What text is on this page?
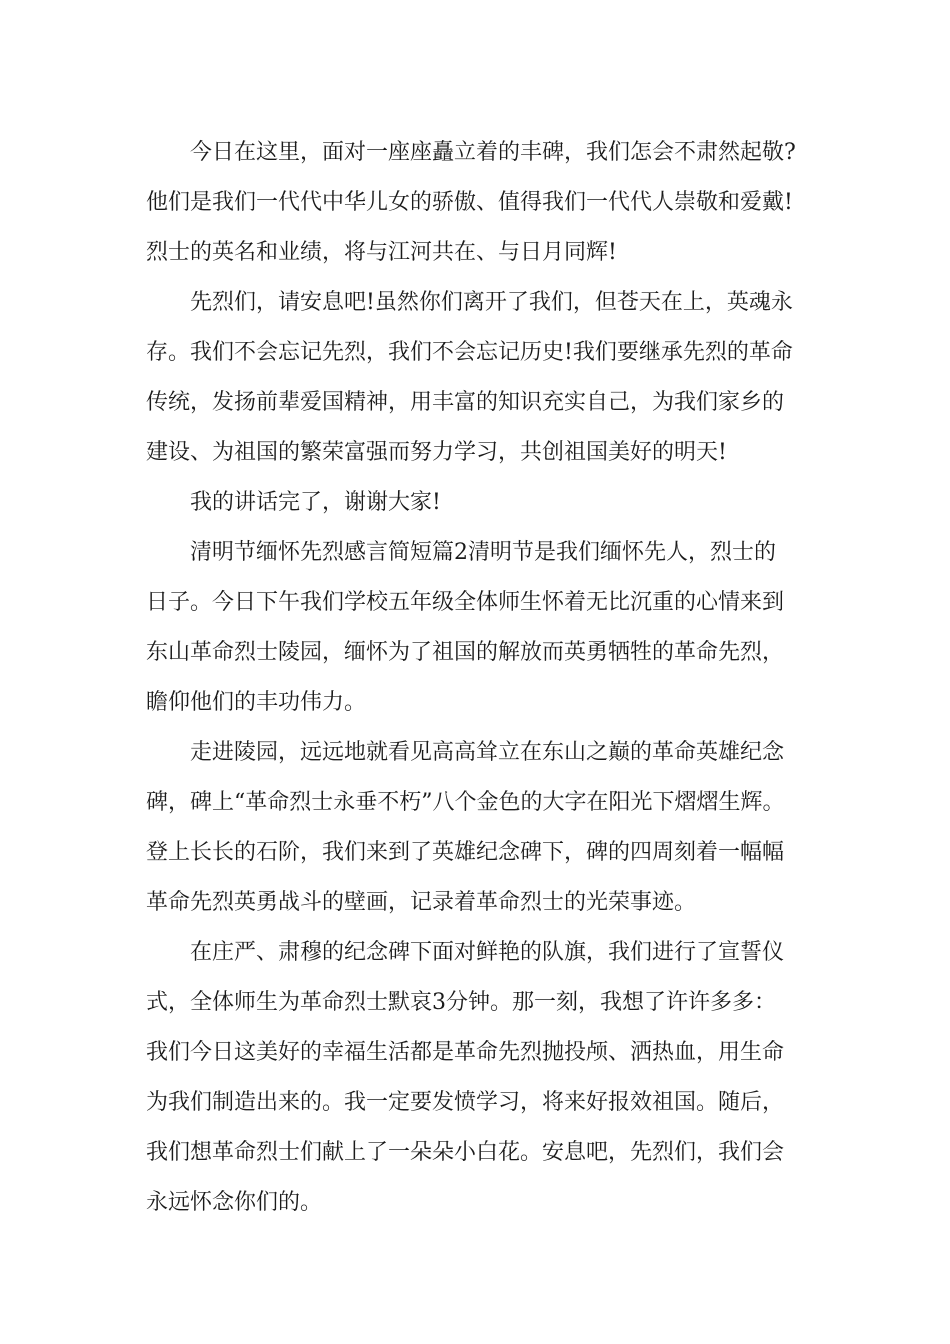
今日在这里，面对一座座矗立着的丰碑，我们怎会不肃然起敬?
他们是我们一代代中华儿女的骄傲、值得我们一代代人崇敬和爱戴!
烈士的英名和业绩，将与江河共在、与日月同辉!
先烈们，请安息吧!虽然你们离开了我们，但苍天在上，英魂永
存。我们不会忘记先烈，我们不会忘记历史!我们要继承先烈的革命
传统，发扬前辈爱国精神，用丰富的知识充实自己，为我们家乡的
建设、为祖国的繁荣富强而努力学习，共创祖国美好的明天!
我的讲话完了，谢谢大家!
清明节缅怀先烈感言简短篇2清明节是我们缅怀先人，烈士的
日子。今日下午我们学校五年级全体师生怀着无比沉重的心情来到
东山革命烈士陵园，缅怀为了祖国的解放而英勇牺牲的革命先烈，
瞻仰他们的丰功伟力。
走进陵园，远远地就看见高高耸立在东山之巅的革命英雄纪念
碑，碑上“革命烈士永垂不朽”八个金色的大字在阳光下熠熠生辉。
登上长长的石阶，我们来到了英雄纪念碑下，碑的四周刻着一幅幅
革命先烈英勇战斗的壁画，记录着革命烈士的光荣事迹。
在庄严、肃穆的纪念碑下面对鲜艳的队旗，我们进行了宣誓仪
式，全体师生为革命烈士默哀3分钟。那一刻，我想了许许多多：
我们今日这美好的幸福生活都是革命先烈抛投颅、洒热血，用生命
为我们制造出来的。我一定要发愤学习，将来好报效祖国。随后，
我们想革命烈士们献上了一朵朵小白花。安息吧，先烈们，我们会
永远怀念你们的。
